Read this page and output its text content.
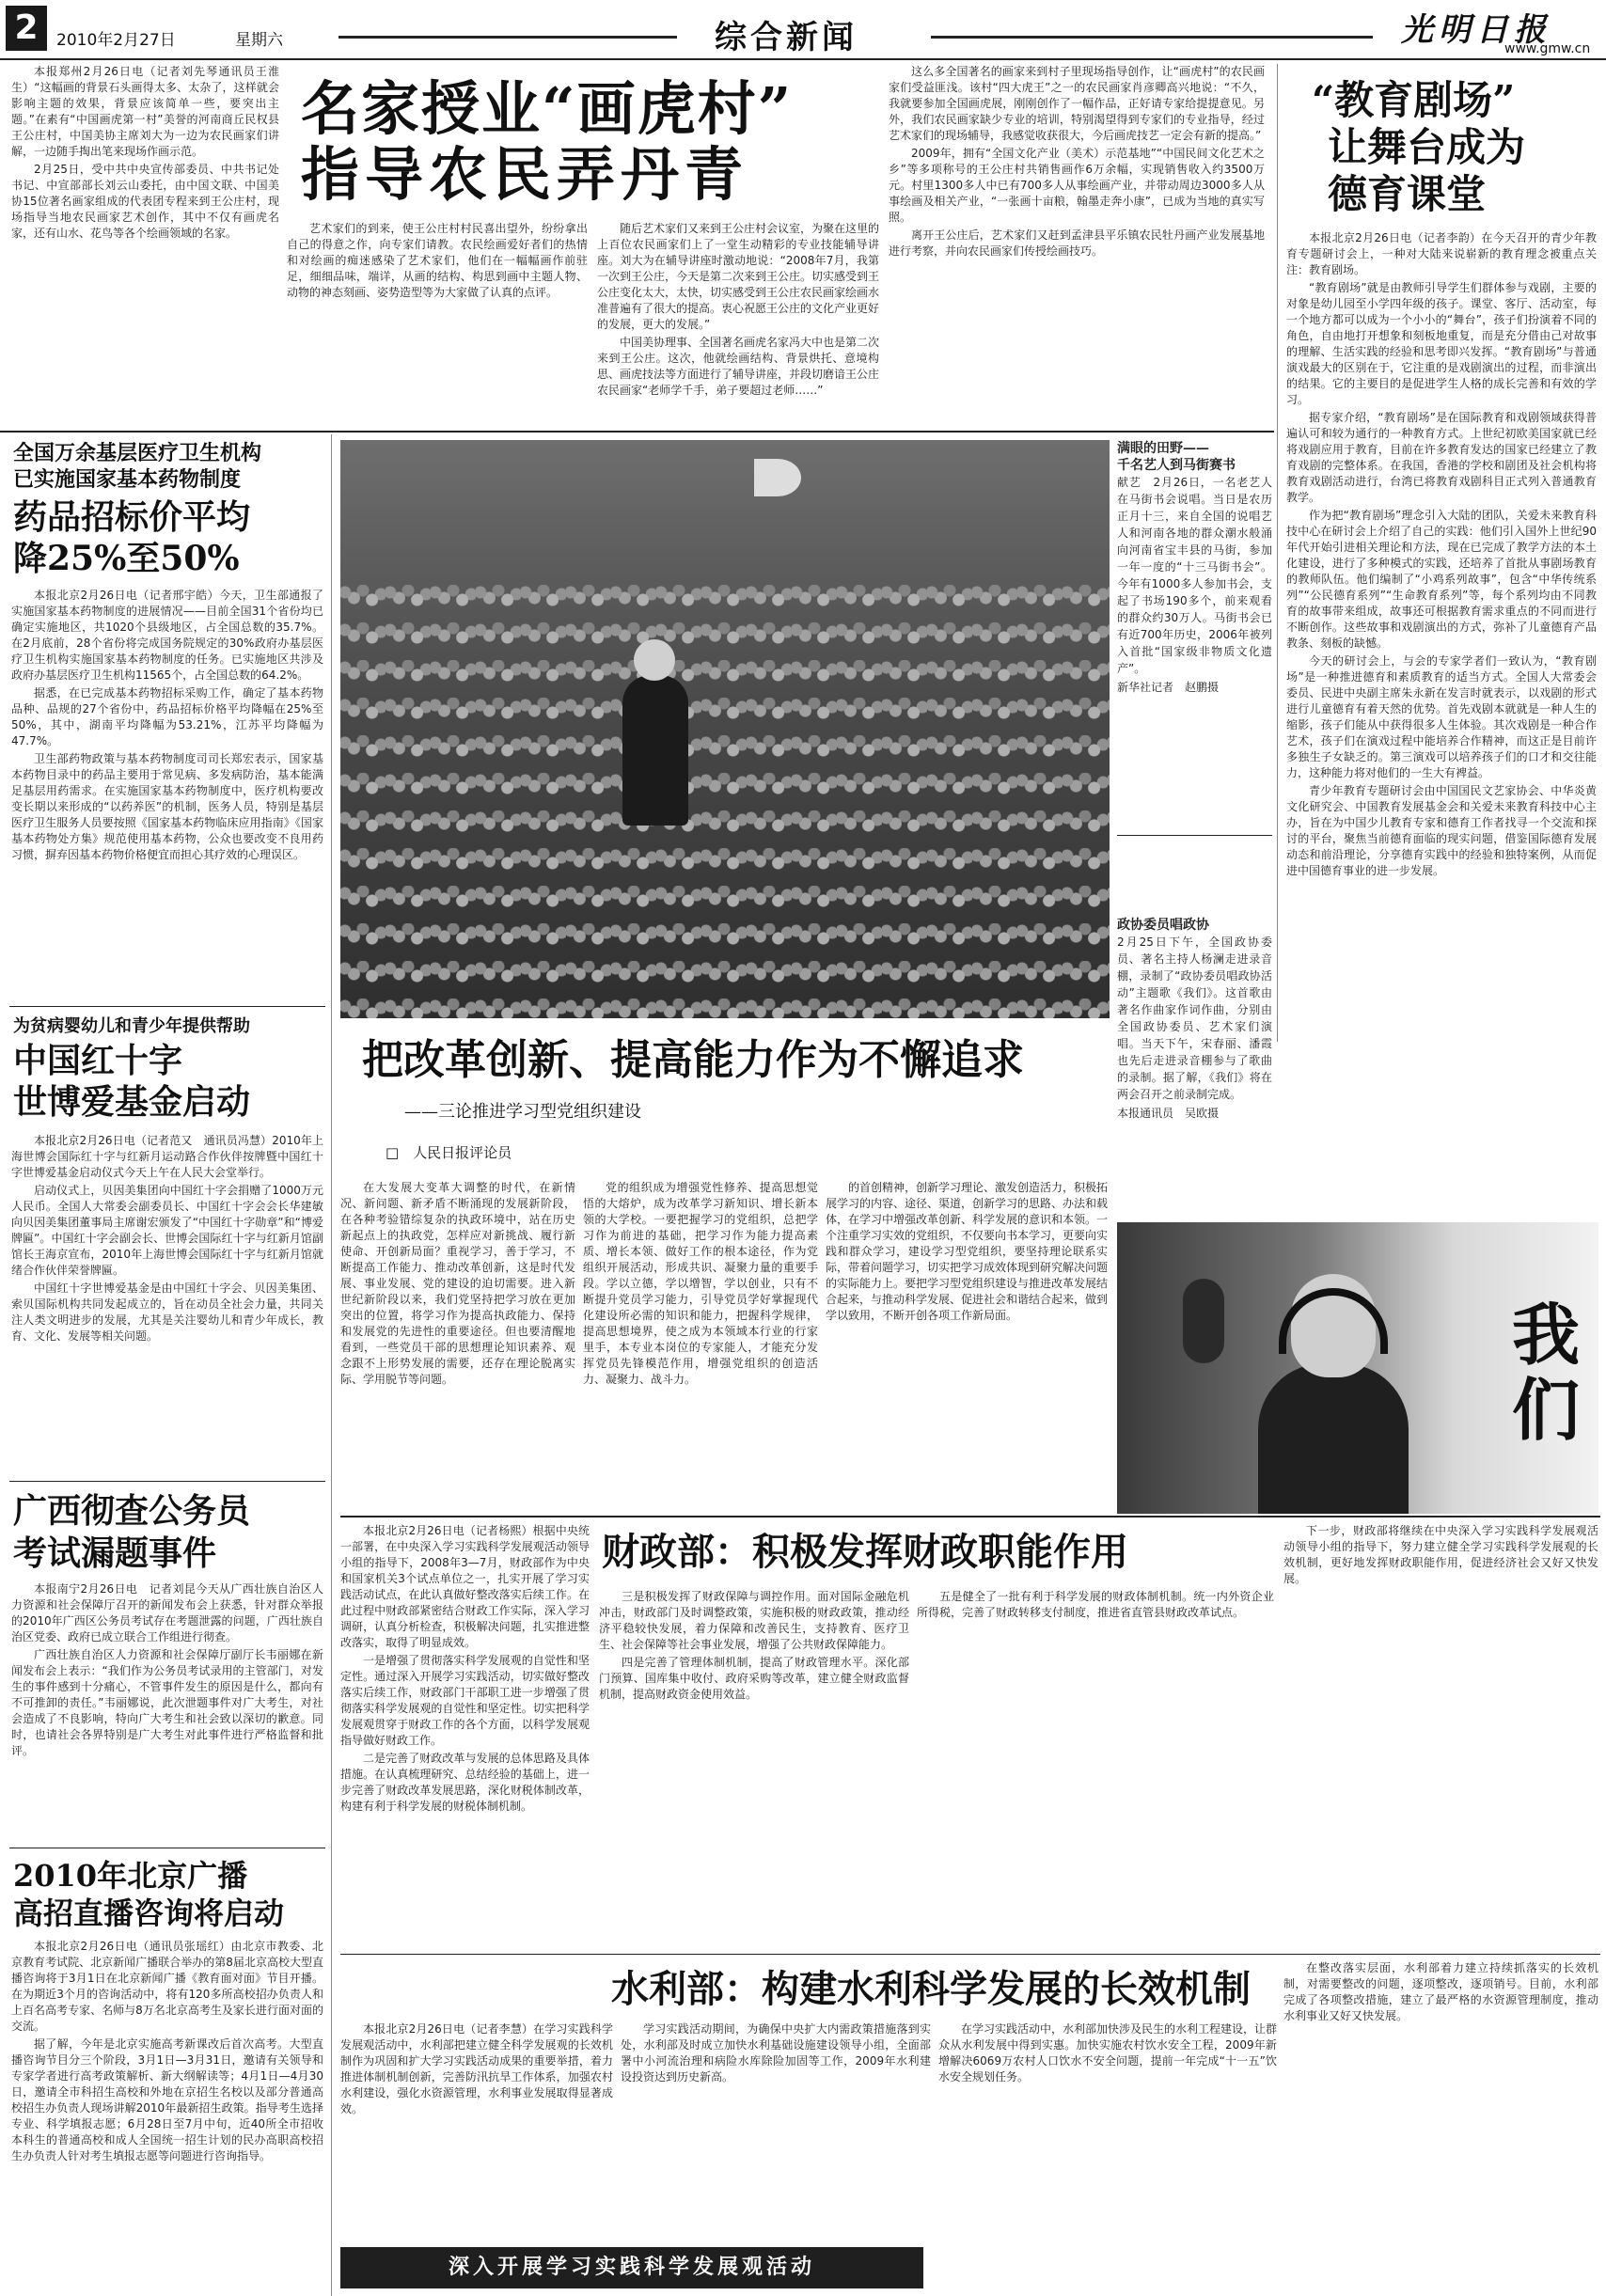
2	2010年2月27日	星期六	综合新闻	光明日报
www.gmw.cn
名家授业“画虎村”
指导农民弄丹青

本报郑州2月26日电（记者刘先琴通讯员王淮生）“这幅画的背景石头画得太多、太杂了，这样就会影响主题的效果，背景应该简单一些，要突出主题。”在素有“中国画虎第一村”美誉的河南商丘民权县王公庄村，中国美协主席刘大为一边为农民画家们讲解，一边随手掏出笔来现场作画示范。

2月25日，受中共中央宣传部委员、中共书记处书记、中宣部部长刘云山委托，由中国文联、中国美协15位著名画家组成的代表团专程来到王公庄村，现场指导当地农民画家艺术创作，其中不仅有画虎名家，还有山水、花鸟等各个绘画领域的名家。	艺术家们的到来，使王公庄村村民喜出望外，纷纷拿出自己的得意之作，向专家们请教。农民绘画爱好者们的热情和对绘画的痴迷感染了艺术家们，他们在一幅幅画作前驻足，细细品味，端详，从画的结构、构思到画中主题人物、动物的神态刻画、姿势造型等为大家做了认真的点评。

随后艺术家们又来到王公庄村会议室，为聚在这里的上百位农民画家们上了一堂生动精彩的专业技能辅导讲座。刘大为在辅导讲座时激动地说：“2008年7月，我第一次到王公庄，今天是第二次来到王公庄。切实感受到王公庄变化太大，太快，切实感受到王公庄农民画家绘画水准普遍有了很大的提高。衷心祝愿王公庄的文化产业更好的发展，更大的发展。”

中国美协理事、全国著名画虎名家冯大中也是第二次来到王公庄。这次，他就绘画结构、背景烘托、意境构思、画虎技法等方面进行了辅导讲座，并段切磨谙王公庄农民画家“老师学千手，弟子要超过老师……”

这么多全国著名的画家来到村子里现场指导创作，让“画虎村”的农民画家们受益匪浅。该村“四大虎王”之一的农民画家肖彦卿高兴地说：“不久，我就要参加全国画虎展，刚刚创作了一幅作品，正好请专家给提提意见。另外，我们农民画家缺少专业的培训，特别渴望得到专家们的专业指导，经过艺术家们的现场辅导，我感觉收获很大，今后画虎技艺一定会有新的提高。”

2009年，拥有“全国文化产业（美术）示范基地”“中国民间文化艺术之乡”等多项称号的王公庄村共销售画作6万余幅，实现销售收入约3500万元。村里1300多人中已有700多人从事绘画产业，并带动周边3000多人从事绘画及相关产业，“一张画十亩粮，翰墨走奔小康”，已成为当地的真实写照。

离开王公庄后，艺术家们又赶到孟津县平乐镇农民牡丹画产业发展基地进行考察，并向农民画家们传授绘画技巧。

“教育剧场”
让舞台成为
德育课堂

本报北京2月26日电（记者李韵）在今天召开的青少年教育专题研讨会上，一种对大陆来说崭新的教育理念被重点关注：教育剧场。

“教育剧场”就是由教师引导学生们群体参与戏剧，主要的对象是幼儿园至小学四年级的孩子。课堂、客厅、活动室，每一个地方都可以成为一个小小的“舞台”，孩子们扮演着不同的角色，自由地打开想象和刻板地重复，而是充分借由己对故事的理解、生活实践的经验和思考即兴发挥。“教育剧场”与普通演戏最大的区别在于，它注重的是戏剧演出的过程，而非演出的结果。它的主要目的是促进学生人格的成长完善和有效的学习。

据专家介绍，“教育剧场”是在国际教育和戏剧领域获得普遍认可和较为通行的一种教育方式。上世纪初欧美国家就已经将戏剧应用于教育，目前在许多教育发达的国家已经建立了教育戏剧的完整体系。在我国，香港的学校和剧团及社会机构将教育戏剧活动进行，台湾已将教育戏剧科目正式列入普通教育教学。

作为把“教育剧场”理念引入大陆的团队，关爱未来教育科技中心在研讨会上介绍了自己的实践：他们引入国外上世纪90年代开始引进相关理论和方法，现在已完成了教学方法的本土化建设，进行了多种模式的实践，还培养了首批从事剧场教育的教师队伍。他们编制了“小鸡系列故事”，包含“中华传统系列”“公民德育系列”“生命教育系列”等，每个系列均由不同教育的故事带来组成，故事还可根据教育需求重点的不同而进行不断创作。这些故事和戏剧演出的方式，弥补了儿童德育产品教条、刻板的缺憾。

今天的研讨会上，与会的专家学者们一致认为，“教育剧场”是一种推进德育和素质教育的适当方式。全国人大常委会委员、民进中央副主席朱永新在发言时就表示，以戏剧的形式进行儿童德育有着天然的优势。首先戏剧本就就是一种人生的缩影，孩子们能从中获得很多人生体验。其次戏剧是一种合作艺术，孩子们在演戏过程中能培养合作精神，而这正是目前许多独生子女缺乏的。第三演戏可以培养孩子们的口才和交往能力，这种能力将对他们的一生大有裨益。

青少年教育专题研讨会由中国国民文艺家协会、中华炎黄文化研究会、中国教育发展基金会和关爱未来教育科技中心主办，旨在为中国少儿教育专家和德育工作者找寻一个交流和探讨的平台，聚焦当前德育面临的现实问题，借鉴国际德育发展动态和前沿理论，分享德育实践中的经验和独特案例，从而促进中国德育事业的进一步发展。

全国万余基层医疗卫生机构
已实施国家基本药物制度
药品招标价平均
降25%至50%

本报北京2月26日电（记者邢宇皓）今天，卫生部通报了实施国家基本药物制度的进展情况——目前全国31个省份均已确定实施地区，共1020个县级地区，占全国总数的35.7%。在2月底前，28个省份将完成国务院规定的30%政府办基层医疗卫生机构实施国家基本药物制度的任务。已实施地区共涉及政府办基层医疗卫生机构11565个，占全国总数的64.2%。

据悉，在已完成基本药物招标采购工作，确定了基本药物品种、品规的27个省份中，药品招标价格平均降幅在25%至50%，其中，湖南平均降幅为53.21%，江苏平均降幅为47.7%。

卫生部药物政策与基本药物制度司司长郑宏表示，国家基本药物目录中的药品主要用于常见病、多发病防治，基本能满足基层用药需求。在实施国家基本药物制度中，医疗机构要改变长期以来形成的“以药养医”的机制，医务人员，特别是基层医疗卫生服务人员要按照《国家基本药物临床应用指南》《国家基本药物处方集》规范使用基本药物，公众也要改变不良用药习惯，摒弃因基本药物价格便宜而担心其疗效的心理误区。

为贫病婴幼儿和青少年提供帮助
中国红十字
世博爱基金启动

本报北京2月26日电（记者范又　通讯员冯慧）2010年上海世博会国际红十字与红新月运动路合作伙伴按牌暨中国红十字世博爱基金启动仪式今天上午在人民大会堂举行。

启动仪式上，贝因美集团向中国红十字会捐赠了1000万元人民币。全国人大常委会副委员长、中国红十字会会长华建敏向贝因美集团董事局主席谢宏颁发了“中国红十字勋章”和“博爱牌匾”。中国红十字会副会长、世博会国际红十字与红新月馆副馆长王海京宣布，2010年上海世博会国际红十字与红新月馆就绪合作伙伴荣誉牌匾。

中国红十字世博爱基金是由中国红十字会、贝因美集团、索贝国际机构共同发起成立的，旨在动员全社会力量，共同关注人类文明进步的发展，尤其是关注婴幼儿和青少年成长，教育、文化、发展等相关问题。

广西彻查公务员
考试漏题事件

本报南宁2月26日电　记者刘昆今天从广西壮族自治区人力资源和社会保障厅召开的新闻发布会上获悉，针对群众举报的2010年广西区公务员考试存在考题泄露的问题，广西壮族自治区党委、政府已成立联合工作组进行彻查。

广西壮族自治区人力资源和社会保障厅副厅长韦丽娜在新闻发布会上表示：“我们作为公务员考试录用的主管部门，对发生的事件感到十分痛心，不管事件发生的原因是什么，都向有不可推卸的责任。”韦丽娜说，此次泄题事件对广大考生，对社会造成了不良影响，特向广大考生和社会致以深切的歉意。同时，也请社会各界特别是广大考生对此事件进行严格监督和批评。

2010年北京广播
高招直播咨询将启动

本报北京2月26日电（通讯员张瑶红）由北京市教委、北京教育考试院、北京新闻广播联合举办的第8届北京高校大型直播咨询将于3月1日在北京新闻广播《教育面对面》节目开播。在为期近3个月的咨询活动中，将有120多所高校招办负责人和上百名高考专家、名师与8万名北京高考生及家长进行面对面的交流。

据了解，今年是北京实施高考新课改后首次高考。大型直播咨询节目分三个阶段，3月1日—3月31日，邀请有关领导和专家学者进行高考政策解析、新大纲解读等；4月1日—4月30日，邀请全市科招生高校和外地在京招生名校以及部分普通高校招生办负责人现场讲解2010年最新招生政策。指导考生选择专业、科学填报志愿；6月28日至7月中旬，近40所全市招收本科生的普通高校和成人全国统一招生计划的民办高职高校招生办负责人针对考生填报志愿等问题进行咨询指导。

满眼的田野——
千名艺人到马街赛书
献艺　2月26日，一名老艺人在马街书会说唱。当日是农历正月十三，来自全国的说唱艺人和河南各地的群众潮水般涌向河南省宝丰县的马街，参加一年一度的“十三马街书会”。今年有1000多人参加书会，支起了书场190多个，前来观看的群众约30万人。马街书会已有近700年历史，2006年被列入首批“国家级非物质文化遗产”。
新华社记者　赵鹏摄
政协委员唱政协
2月25日下午，全国政协委员、著名主持人杨澜走进录音棚，录制了“政协委员唱政协活动”主题歌《我们》。这首歌由著名作曲家作词作曲，分别由全国政协委员、艺术家们演唱。当天下午，宋春丽、潘霞也先后走进录音棚参与了歌曲的录制。据了解，《我们》将在两会召开之前录制完成。
本报通讯员　吴欧摄
把改革创新、提高能力作为不懈追求
——三论推进学习型党组织建设
□　人民日报评论员

在大发展大变革大调整的时代，在新情况、新问题、新矛盾不断涌现的发展新阶段，在各种考验错综复杂的执政环境中，站在历史新起点上的执政党，怎样应对新挑战、履行新使命、开创新局面？重视学习，善于学习，不断提高工作能力、推动改革创新，这是时代发展、事业发展、党的建设的迫切需要。进入新世纪新阶段以来，我们党坚持把学习放在更加突出的位置，将学习作为提高执政能力、保持和发展党的先进性的重要途径。但也要清醒地看到，一些党员干部的思想理论知识素养、观念跟不上形势发展的需要，还存在理论脱离实际、学用脱节等问题。

党的组织成为增强党性修养、提高思想觉悟的大熔炉，成为改革学习新知识、增长新本领的大学校。一要把握学习的党组织，总把学习作为前进的基础，把学习作为能力提高素质、增长本领、做好工作的根本途径，作为党组织开展活动，形成共识、凝聚力量的重要手段。学以立德，学以增智，学以创业，只有不断提升党员学习能力，引导党员学好掌握现代化建设所必需的知识和能力，把握科学规律，提高思想境界，使之成为本领域本行业的行家里手，本专业本岗位的专家能人，才能充分发挥党员先锋模范作用，增强党组织的创造活力、凝聚力、战斗力。

的首创精神，创新学习理论、激发创造活力，积极拓展学习的内容、途径、渠道，创新学习的思路、办法和载体，在学习中增强改革创新、科学发展的意识和本领。一个注重学习实效的党组织，不仅要向书本学习，更要向实践和群众学习，建设学习型党组织，要坚持理论联系实际，带着问题学习，切实把学习成效体现到研究解决问题的实际能力上。要把学习型党组织建设与推进改革发展结合起来，与推动科学发展、促进社会和谐结合起来，做到学以致用，不断开创各项工作新局面。	我
们
财政部：积极发挥财政职能作用

本报北京2月26日电（记者杨熙）根据中央统一部署，在中央深入学习实践科学发展观活动领导小组的指导下，2008年3—7月，财政部作为中央和国家机关3个试点单位之一，扎实开展了学习实践活动试点，在此认真做好整改落实后续工作。在此过程中财政部紧密结合财政工作实际，深入学习调研，认真分析检查，积极解决问题，扎实推进整改落实，取得了明显成效。

一是增强了贯彻落实科学发展观的自觉性和坚定性。通过深入开展学习实践活动，切实做好整改落实后续工作，财政部门干部职工进一步增强了贯彻落实科学发展观的自觉性和坚定性。切实把科学发展观贯穿于财政工作的各个方面，以科学发展观指导做好财政工作。

二是完善了财政改革与发展的总体思路及具体措施。在认真梳理研究、总结经验的基础上，进一步完善了财政改革发展思路，深化财税体制改革，构建有利于科学发展的财税体制机制。

三是积极发挥了财政保障与调控作用。面对国际金融危机冲击，财政部门及时调整政策，实施积极的财政政策，推动经济平稳较快发展，着力保障和改善民生，支持教育、医疗卫生、社会保障等社会事业发展，增强了公共财政保障能力。

四是完善了管理体制机制，提高了财政管理水平。深化部门预算、国库集中收付、政府采购等改革，建立健全财政监督机制，提高财政资金使用效益。

五是健全了一批有利于科学发展的财政体制机制。统一内外资企业所得税，完善了财政转移支付制度，推进省直管县财政改革试点。

下一步，财政部将继续在中央深入学习实践科学发展观活动领导小组的指导下，努力建立健全学习实践科学发展观的长效机制，更好地发挥财政职能作用，促进经济社会又好又快发展。

水利部：构建水利科学发展的长效机制

本报北京2月26日电（记者李慧）在学习实践科学发展观活动中，水利部把建立健全科学发展观的长效机制作为巩固和扩大学习实践活动成果的重要举措，着力推进体制机制创新，完善防汛抗旱工作体系，加强农村水利建设，强化水资源管理，水利事业发展取得显著成效。

学习实践活动期间，为确保中央扩大内需政策措施落到实处，水利部及时成立加快水利基础设施建设领导小组，全面部署中小河流治理和病险水库除险加固等工作，2009年水利建设投资达到历史新高。

在学习实践活动中，水利部加快涉及民生的水利工程建设，让群众从水利发展中得到实惠。加快实施农村饮水安全工程，2009年新增解决6069万农村人口饮水不安全问题，提前一年完成“十一五”饮水安全规划任务。

在整改落实层面，水利部着力建立持续抓落实的长效机制，对需要整改的问题，逐项整改，逐项销号。目前，水利部完成了各项整改措施，建立了最严格的水资源管理制度，推动水利事业又好又快发展。

深入开展学习实践科学发展观活动
